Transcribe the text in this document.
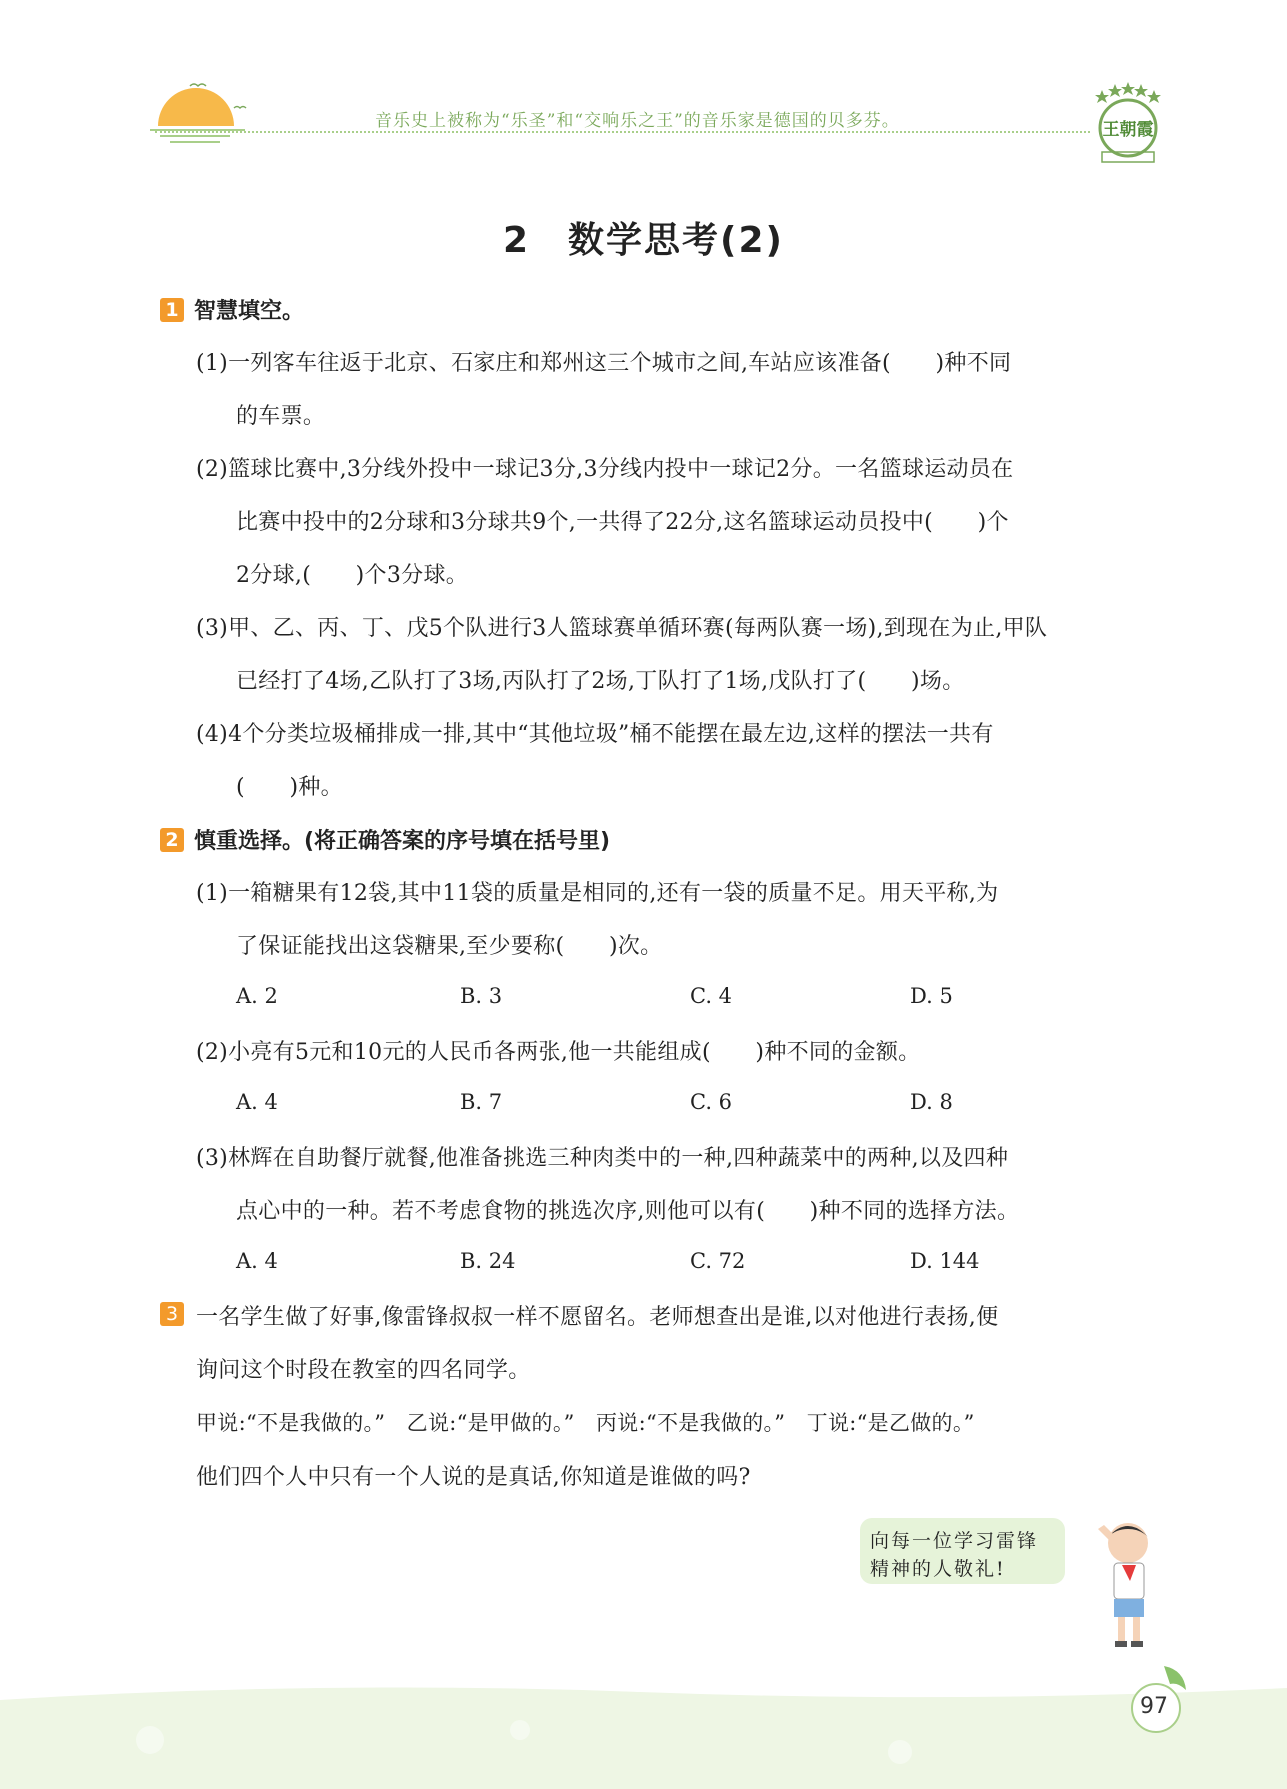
音乐史上被称为“乐圣”和“交响乐之王”的音乐家是德国的贝多芬。	王朝霞
2　数学思考(2)
1 智慧填空。
(1)一列客车往返于北京、石家庄和郑州这三个城市之间,车站应该准备(　　)种不同
的车票。
(2)篮球比赛中,3分线外投中一球记3分,3分线内投中一球记2分。一名篮球运动员在
比赛中投中的2分球和3分球共9个,一共得了22分,这名篮球运动员投中(　　)个
2分球,(　　)个3分球。
(3)甲、乙、丙、丁、戊5个队进行3人篮球赛单循环赛(每两队赛一场),到现在为止,甲队
已经打了4场,乙队打了3场,丙队打了2场,丁队打了1场,戊队打了(　　)场。
(4)4个分类垃圾桶排成一排,其中“其他垃圾”桶不能摆在最左边,这样的摆法一共有
(　　)种。
2 慎重选择。(将正确答案的序号填在括号里)
(1)一箱糖果有12袋,其中11袋的质量是相同的,还有一袋的质量不足。用天平称,为
了保证能找出这袋糖果,至少要称(　　)次。
A. 2	B. 3	C. 4	D. 5
(2)小亮有5元和10元的人民币各两张,他一共能组成(　　)种不同的金额。
A. 4	B. 7	C. 6	D. 8
(3)林辉在自助餐厅就餐,他准备挑选三种肉类中的一种,四种蔬菜中的两种,以及四种
点心中的一种。若不考虑食物的挑选次序,则他可以有(　　)种不同的选择方法。
A. 4	B. 24	C. 72	D. 144
3 一名学生做了好事,像雷锋叔叔一样不愿留名。老师想查出是谁,以对他进行表扬,便
询问这个时段在教室的四名同学。
甲说:“不是我做的。”　乙说:“是甲做的。”　丙说:“不是我做的。”　丁说:“是乙做的。”
他们四个人中只有一个人说的是真话,你知道是谁做的吗?
向每一位学习雷锋
精神的人敬礼!
97
